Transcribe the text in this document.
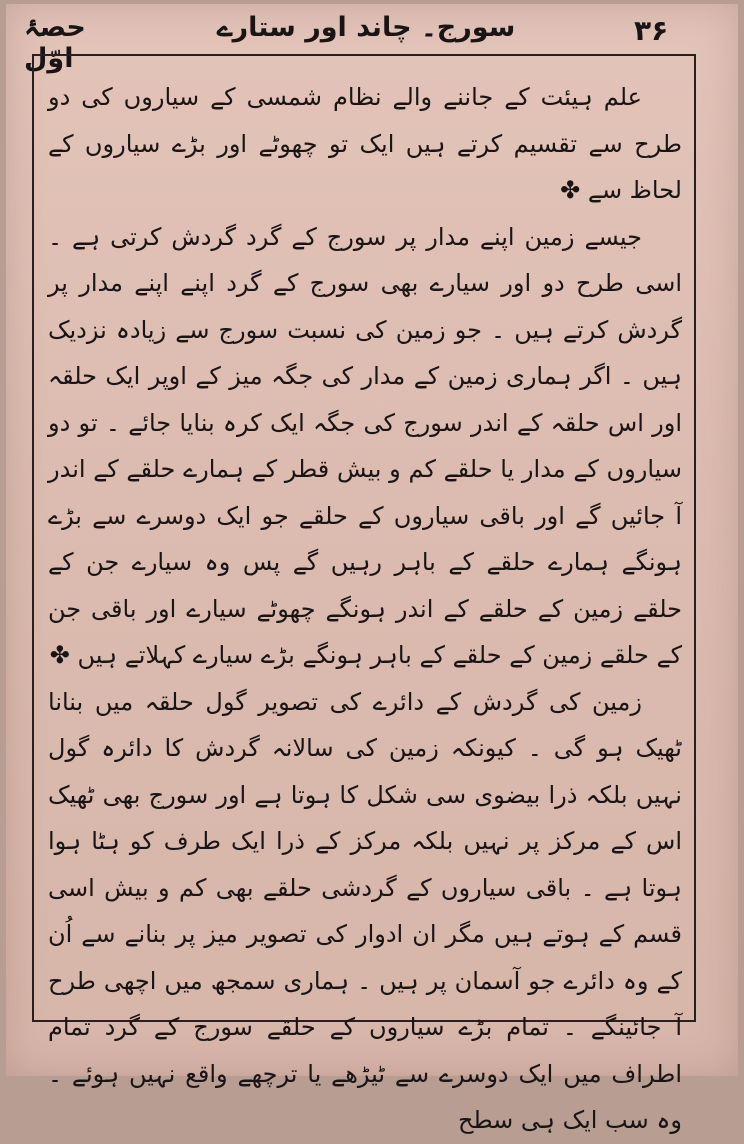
۳۶
سورج۔ چاند اور ستارے
حصۂ اوّل

علم ہیئت کے جاننے والے نظام شمسی کے سیاروں کی دو طرح سے تقسیم کرتے ہیں ایک تو چھوٹے اور بڑے سیاروں کے لحاظ سے ✤

جیسے زمین اپنے مدار پر سورج کے گرد گردش کرتی ہے ۔ اسی طرح دو اور سیارے بھی سورج کے گرد اپنے اپنے مدار پر گردش کرتے ہیں ۔ جو زمین کی نسبت سورج سے زیادہ نزدیک ہیں ۔ اگر ہماری زمین کے مدار کی جگہ میز کے اوپر ایک حلقہ اور اس حلقہ کے اندر سورج کی جگہ ایک کرہ بنایا جائے ۔ تو دو سیاروں کے مدار یا حلقے کم و بیش قطر کے ہمارے حلقے کے اندر آ جائیں گے اور باقی سیاروں کے حلقے جو ایک دوسرے سے بڑے ہونگے ہمارے حلقے کے باہر رہیں گے پس وہ سیارے جن کے حلقے زمین کے حلقے کے اندر ہونگے چھوٹے سیارے اور باقی جن کے حلقے زمین کے حلقے کے باہر ہونگے بڑے سیارے کہلاتے ہیں ✤

زمین کی گردش کے دائرے کی تصویر گول حلقہ میں بنانا ٹھیک ہو گی ۔ کیونکہ زمین کی سالانہ گردش کا دائرہ گول نہیں بلکہ ذرا بیضوی سی شکل کا ہوتا ہے اور سورج بھی ٹھیک اس کے مرکز پر نہیں بلکہ مرکز کے ذرا ایک طرف کو ہٹا ہوا ہوتا ہے ۔ باقی سیاروں کے گردشی حلقے بھی کم و بیش اسی قسم کے ہوتے ہیں مگر ان ادوار کی تصویر میز پر بنانے سے اُن کے وہ دائرے جو آسمان پر ہیں ۔ ہماری سمجھ میں اچھی طرح آ جائینگے ۔ تمام بڑے سیاروں کے حلقے سورج کے گرد تمام اطراف میں ایک دوسرے سے ٹیڑھے یا ترچھے واقع نہیں ہوئے ۔ وہ سب ایک ہی سطح
